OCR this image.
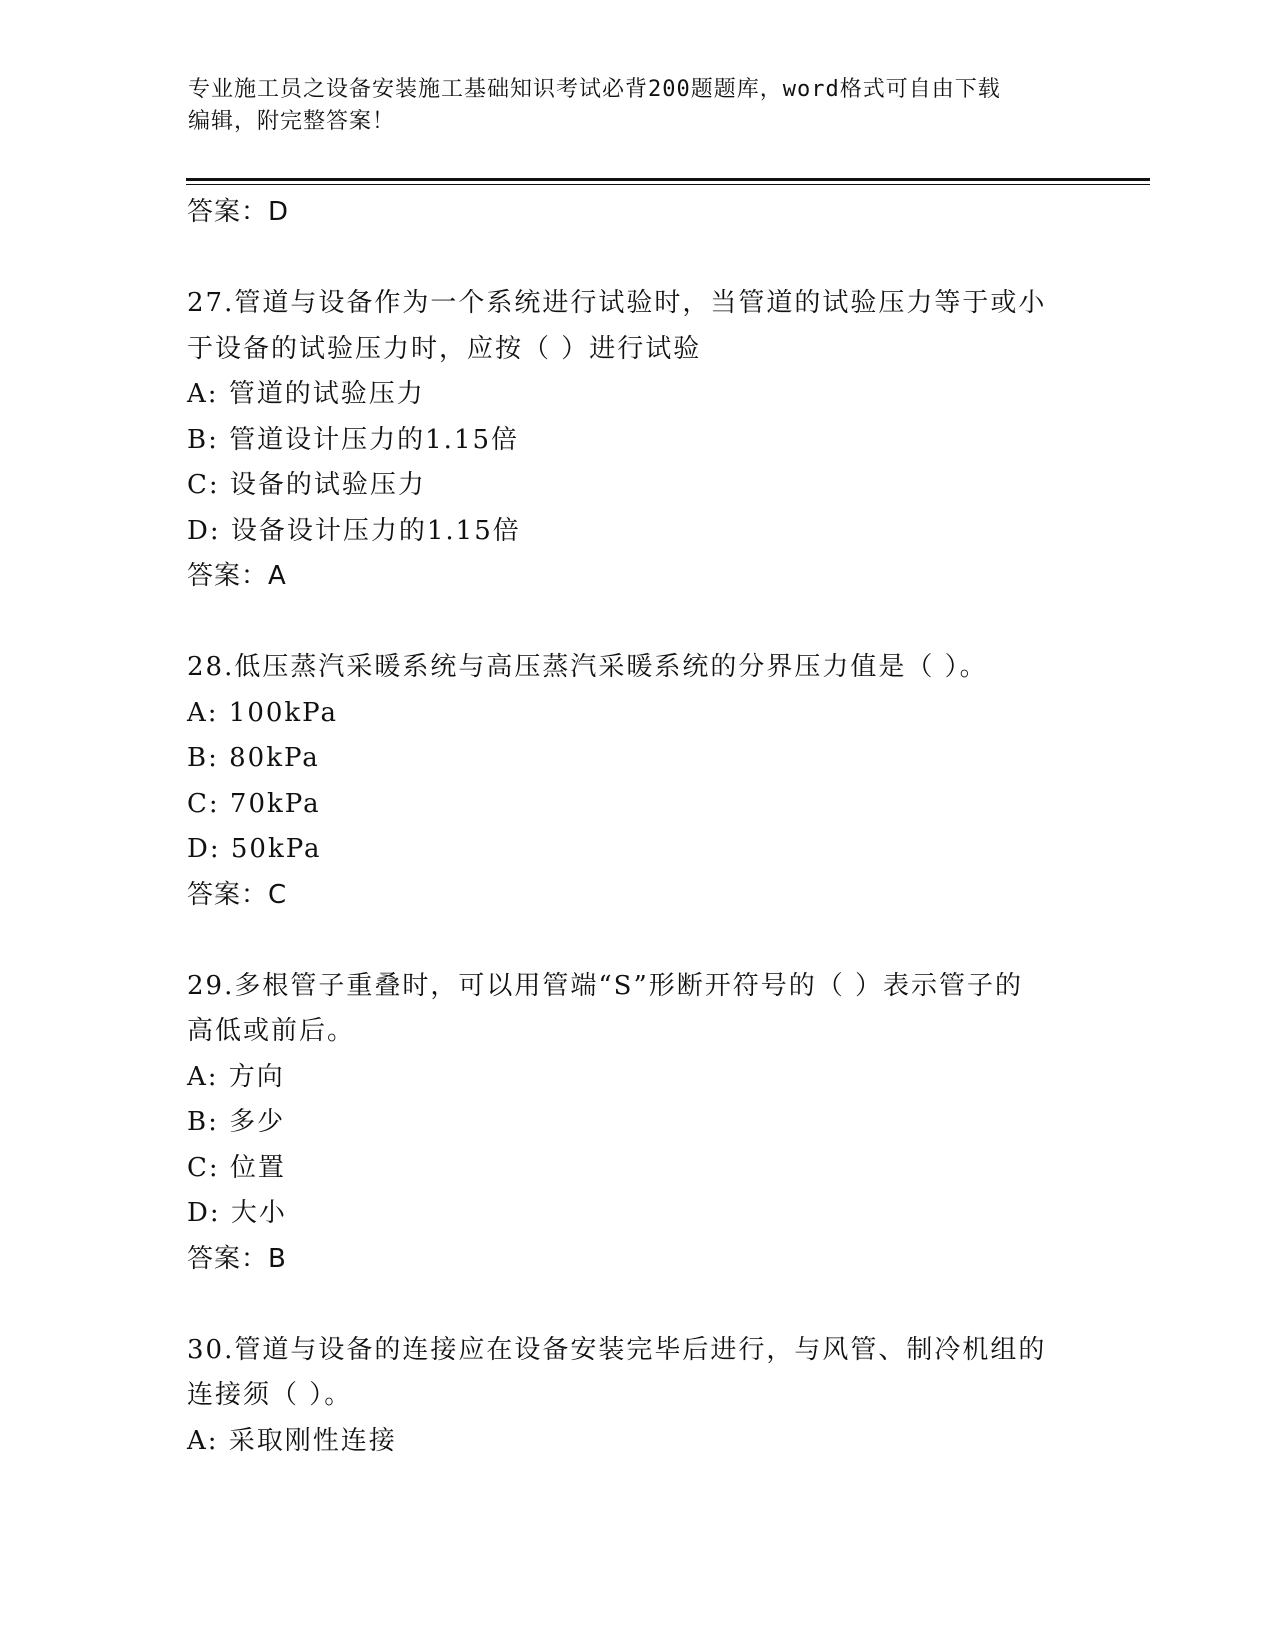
专业施工员之设备安装施工基础知识考试必背200题题库，word格式可自由下载
编辑，附完整答案！
答案：D
27.管道与设备作为一个系统进行试验时，当管道的试验压力等于或小
于设备的试验压力时，应按（ ）进行试验
A: 管道的试验压力
B: 管道设计压力的1.15倍
C: 设备的试验压力
D: 设备设计压力的1.15倍
答案：A
28.低压蒸汽采暖系统与高压蒸汽采暖系统的分界压力值是（ ）。
A: 100kPa
B: 80kPa
C: 70kPa
D: 50kPa
答案：C
29.多根管子重叠时，可以用管端“S”形断开符号的（ ）表示管子的
高低或前后。
A: 方向
B: 多少
C: 位置
D: 大小
答案：B
30.管道与设备的连接应在设备安装完毕后进行，与风管、制冷机组的
连接须（ ）。
A: 采取刚性连接
